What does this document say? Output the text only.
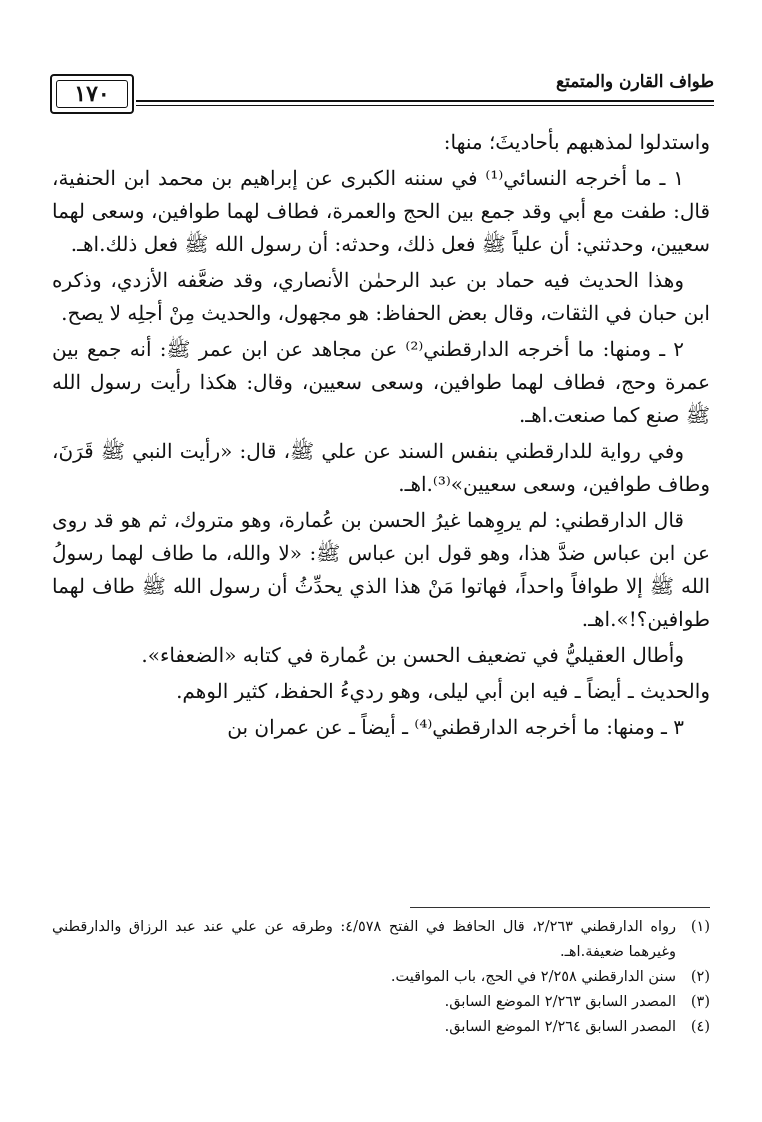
١٧٠	طواف القارن والمتمتع

واستدلوا لمذهبهم بأحاديثَ؛ منها:

١ ـ ما أخرجه النسائي⁽¹⁾ في سننه الكبرى عن إبراهيم بن محمد ابن الحنفية، قال: طفت مع أبي وقد جمع بين الحج والعمرة، فطاف لهما طوافين، وسعى لهما سعيين، وحدثني: أن علياً ﷺ فعل ذلك، وحدثه: أن رسول الله ﷺ فعل ذلك.اهـ.

وهذا الحديث فيه حماد بن عبد الرحمٰن الأنصاري، وقد ضعَّفه الأزدي، وذكره ابن حبان في الثقات، وقال بعض الحفاظ: هو مجهول، والحديث مِنْ أجلِه لا يصح.

٢ ـ ومنها: ما أخرجه الدارقطني⁽²⁾ عن مجاهد عن ابن عمر ﷺ: أنه جمع بين عمرة وحج، فطاف لهما طوافين، وسعى سعيين، وقال: هكذا رأيت رسول الله ﷺ صنع كما صنعت.اهـ.

وفي رواية للدارقطني بنفس السند عن علي ﷺ، قال: «رأيت النبي ﷺ قَرَنَ، وطاف طوافين، وسعى سعيين»⁽³⁾.اهـ.

قال الدارقطني: لم يروِهما غيرُ الحسن بن عُمارة، وهو متروك، ثم هو قد روى عن ابن عباس ضدَّ هذا، وهو قول ابن عباس ﷺ: «لا والله، ما طاف لهما رسولُ الله ﷺ إلا طوافاً واحداً، فهاتوا مَنْ هذا الذي يحدِّثُ أن رسول الله ﷺ طاف لهما طوافين؟!».اهـ.

وأطال العقيليُّ في تضعيف الحسن بن عُمارة في كتابه «الضعفاء».

والحديث ـ أيضاً ـ فيه ابن أبي ليلى، وهو رديءُ الحفظ، كثير الوهم.

٣ ـ ومنها: ما أخرجه الدارقطني⁽⁴⁾ ـ أيضاً ـ عن عمران بن

(١)
رواه الدارقطني ٢/٢٦٣، قال الحافظ في الفتح ٤/٥٧٨: وطرقه عن علي عند عبد الرزاق والدارقطني وغيرهما ضعيفة.اهـ.

(٢)
سنن الدارقطني ٢/٢٥٨ في الحج، باب المواقيت.

(٣)
المصدر السابق ٢/٢٦٣ الموضع السابق.

(٤)
المصدر السابق ٢/٢٦٤ الموضع السابق.
